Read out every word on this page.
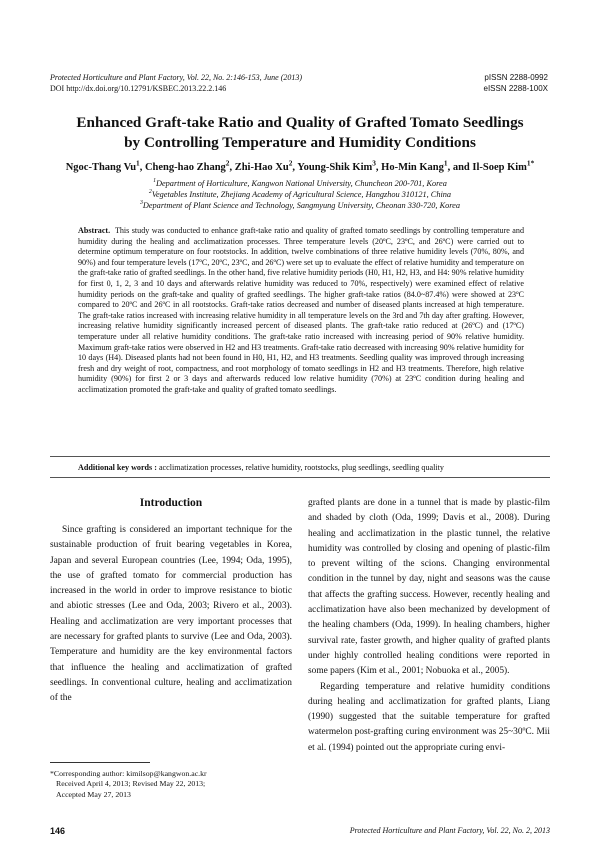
Protected Horticulture and Plant Factory, Vol. 22, No. 2:146-153, June (2013)
DOI http://dx.doi.org/10.12791/KSBEC.2013.22.2.146
pISSN 2288-0992
eISSN 2288-100X
Enhanced Graft-take Ratio and Quality of Grafted Tomato Seedlings
by Controlling Temperature and Humidity Conditions
Ngoc-Thang Vu$^1$, Cheng-hao Zhang$^2$, Zhi-Hao Xu$^2$, Young-Shik Kim$^3$, Ho-Min Kang$^1$, and Il-Soep Kim$^{1*}$

$^1$Department of Horticulture, Kangwon National University, Chuncheon 200-701, Korea

$^2$Vegetables Institute, Zhejiang Academy of Agricultural Science, Hangzhou 310121, China

$^3$Department of Plant Science and Technology, Sangmyung University, Cheonan 330-720, Korea

Abstract. This study was conducted to enhance graft-take ratio and quality of grafted tomato seedlings by controlling temperature and humidity during the healing and acclimatization processes. Three temperature levels (20ºC, 23ºC, and 26ºC) were carried out to determine optimum temperature on four rootstocks. In addition, twelve combinations of three relative humidity levels (70%, 80%, and 90%) and four temperature levels (17ºC, 20ºC, 23ºC, and 26ºC) were set up to evaluate the effect of relative humidity and temperature on the graft-take ratio of grafted seedlings. In the other hand, five relative humidity periods (H0, H1, H2, H3, and H4: 90% relative humidity for first 0, 1, 2, 3 and 10 days and afterwards relative humidity was reduced to 70%, respectively) were examined effect of relative humidity periods on the graft-take and quality of grafted seedlings. The higher graft-take ratios (84.0~87.4%) were showed at 23ºC compared to 20ºC and 26ºC in all rootstocks. Graft-take ratios decreased and number of diseased plants increased at high temperature. The graft-take ratios increased with increasing relative humidity in all temperature levels on the 3rd and 7th day after grafting. However, increasing relative humidity significantly increased percent of diseased plants. The graft-take ratio reduced at (26ºC) and (17ºC) temperature under all relative humidity conditions. The graft-take ratio increased with increasing period of 90% relative humidity. Maximum graft-take ratios were observed in H2 and H3 treatments. Graft-take ratio decreased with increasing 90% relative humidity for 10 days (H4). Diseased plants had not been found in H0, H1, H2, and H3 treatments. Seedling quality was improved through increasing fresh and dry weight of root, compactness, and root morphology of tomato seedlings in H2 and H3 treatments. Therefore, high relative humidity (90%) for first 2 or 3 days and afterwards reduced low relative humidity (70%) at 23ºC condition during healing and acclimatization promoted the graft-take and quality of grafted tomato seedlings.

Additional key words : acclimatization processes, relative humidity, rootstocks, plug seedlings, seedling quality

Introduction

Since grafting is considered an important technique for the sustainable production of fruit bearing vegetables in Korea, Japan and several European countries (Lee, 1994; Oda, 1995), the use of grafted tomato for commercial production has increased in the world in order to improve resistance to biotic and abiotic stresses (Lee and Oda, 2003; Rivero et al., 2003). Healing and acclimatization are very important processes that are necessary for grafted plants to survive (Lee and Oda, 2003). Temperature and humidity are the key environmental factors that influence the healing and acclimatization of grafted seedlings. In conventional culture, healing and acclimatization of the

grafted plants are done in a tunnel that is made by plastic-film and shaded by cloth (Oda, 1999; Davis et al., 2008). During healing and acclimatization in the plastic tunnel, the relative humidity was controlled by closing and opening of plastic-film to prevent wilting of the scions. Changing environmental condition in the tunnel by day, night and seasons was the cause that affects the grafting success. However, recently healing and acclimatization have also been mechanized by development of the healing chambers (Oda, 1999). In healing chambers, higher survival rate, faster growth, and higher quality of grafted plants under highly controlled healing conditions were reported in some papers (Kim et al., 2001; Nobuoka et al., 2005).

Regarding temperature and relative humidity conditions during healing and acclimatization for grafted plants, Liang (1990) suggested that the suitable temperature for grafted watermelon post-grafting curing environment was 25~30ºC. Mii et al. (1994) pointed out the appropriate curing envi-

*Corresponding author: kimilsop@kangwon.ac.kr

Received April 4, 2013; Revised May 22, 2013;

Accepted May 27, 2013

146	Protected Horticulture and Plant Factory, Vol. 22, No. 2, 2013
